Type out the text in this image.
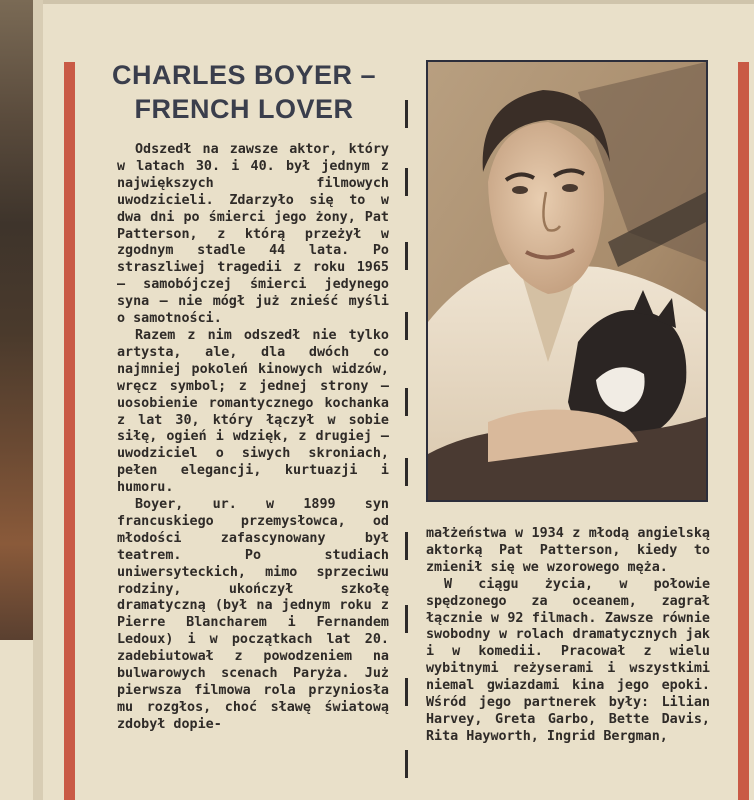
CHARLES BOYER –
FRENCH LOVER

Odszedł na zawsze aktor, który w latach 30. i 40. był jednym z największych filmowych uwodzicieli. Zdarzyło się to w dwa dni po śmierci jego żony, Pat Patterson, z którą przeżył w zgodnym stadle 44 lata. Po straszliwej tragedii z roku 1965 — samobójczej śmierci jedynego syna — nie mógł już znieść myśli o samotności.

Razem z nim odszedł nie tylko artysta, ale, dla dwóch co najmniej pokoleń kinowych widzów, wręcz symbol; z jednej strony — uosobienie romantycznego kochanka z lat 30, który łączył w sobie siłę, ogień i wdzięk, z drugiej — uwodziciel o siwych skroniach, pełen elegancji, kurtuazji i humoru.

Boyer, ur. w 1899 syn francuskiego przemysłowca, od młodości zafascynowany był teatrem. Po studiach uniwersyteckich, mimo sprzeciwu rodziny, ukończył szkołę dramatyczną (był na jednym roku z Pierre Blancharem i Fernandem Ledoux) i w początkach lat 20. zadebiutował z powodzeniem na bulwarowych scenach Paryża. Już pierwsza filmowa rola przyniosła mu rozgłos, choć sławę światową zdobył dopie-

małżeństwa w 1934 z młodą angielską aktorką Pat Patterson, kiedy to zmienił się we wzorowego męża.

W ciągu życia, w połowie spędzonego za oceanem, zagrał łącznie w 92 filmach. Zawsze równie swobodny w rolach dramatycznych jak i w komedii. Pracował z wielu wybitnymi reżyserami i wszystkimi niemal gwiazdami kina jego epoki. Wśród jego partnerek były: Lilian Harvey, Greta Garbo, Bette Davis, Rita Hayworth, Ingrid Bergman,
